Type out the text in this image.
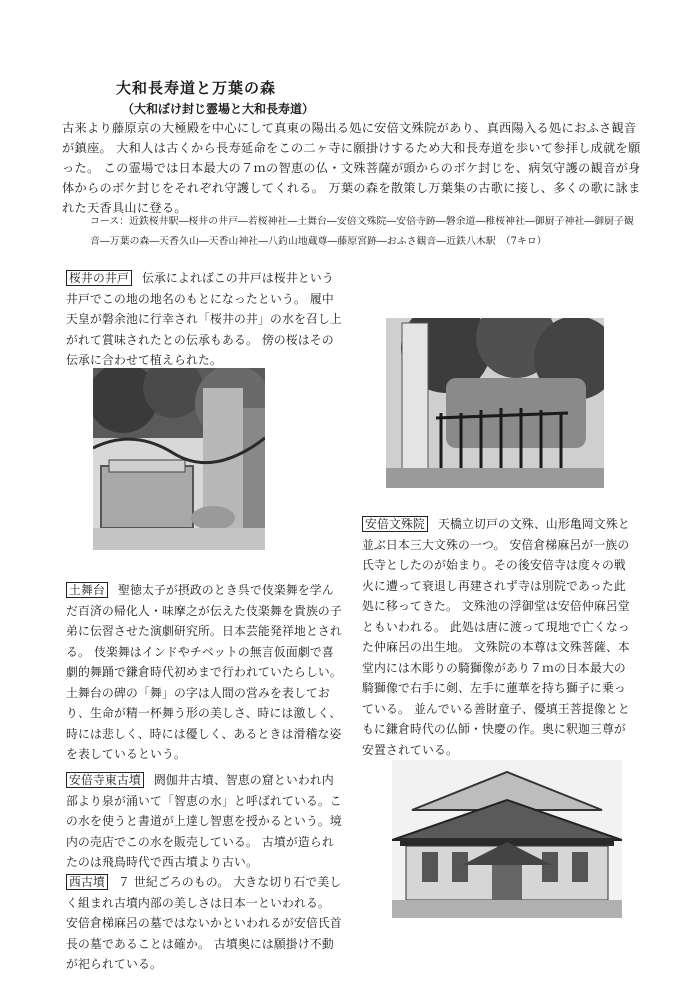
大和長寿道と万葉の森
（大和ぼけ封じ霊場と大和長寿道）
古来より藤原京の大極殿を中心にして真東の陽出る処に安倍文殊院があり、真西陽入る処におふさ観音が鎮座。 大和人は古くから長寿延命をこの二ヶ寺に願掛けするため大和長寿道を歩いて参拝し成就を願った。 この霊場では日本最大の７ｍの智恵の仏・文殊菩薩が頭からのボケ封じを、病気守護の観音が身体からのボケ封じをそれぞれ守護してくれる。 万葉の森を散策し万葉集の古歌に接し、多くの歌に詠まれた天香具山に登る。
コース：近鉄桜井駅―桜井の井戸―若桜神社―土舞台―安倍文殊院―安倍寺跡―磐余道―稚桜神社―御厨子神社―御厨子観音―万葉の森―天香久山―天香山神社―八釣山地蔵尊―藤原宮跡―おふさ観音―近鉄八木駅　（7キロ）
桜井の井戸 伝承によればこの井戸は桜井という井戸でこの地の地名のもとになったという。 履中天皇が磐余池に行幸され「桜井の井」の水を召し上がれて賞味されたとの伝承もある。 傍の桜はその伝承に合わせて植えられた。
土舞台 聖徳太子が摂政のとき呉で伎楽舞を学んだ百済の帰化人・味摩之が伝えた伎楽舞を貴族の子弟に伝習させた演劇研究所。日本芸能発祥地とされる。 伎楽舞はインドやチベットの無言仮面劇で喜劇的舞踊で鎌倉時代初めまで行われていたらしい。
土舞台の碑の「舞」の字は人間の営みを表しており、生命が精一杯舞う形の美しさ、時には激しく、時には悲しく、時には優しく、あるときは滑稽な姿を表しているという。
安倍寺東古墳 閼伽井古墳、智恵の窟といわれ内部より泉が涌いて「智恵の水」と呼ばれている。この水を使うと書道が上達し智恵を授かるという。境内の売店でこの水を販売している。 古墳が造られたのは飛鳥時代で西古墳より古い。
西古墳 ７ 世紀ごろのもの。 大きな切り石で美しく組まれ古墳内部の美しさは日本一といわれる。 安倍倉梯麻呂の墓ではないかといわれるが安倍氏首長の墓であることは確か。 古墳奥には願掛け不動が祀られている。
安倍文殊院 天橋立切戸の文殊、山形亀岡文殊と並ぶ日本三大文殊の一つ。 安倍倉梯麻呂が一族の氏寺としたのが始まり。その後安倍寺は度々の戦火に遭って衰退し再建されず寺は別院であった此処に移ってきた。 文殊池の浮御堂は安倍仲麻呂堂ともいわれる。 此処は唐に渡って現地で亡くなった仲麻呂の出生地。 文殊院の本尊は文殊菩薩、本堂内には木彫りの騎獅像があり７ｍの日本最大の騎獅像で右手に剣、左手に蓮華を持ち獅子に乗っている。 並んでいる善財童子、優填王菩提像とともに鎌倉時代の仏師・快慶の作。奥に釈迦三尊が安置されている。
